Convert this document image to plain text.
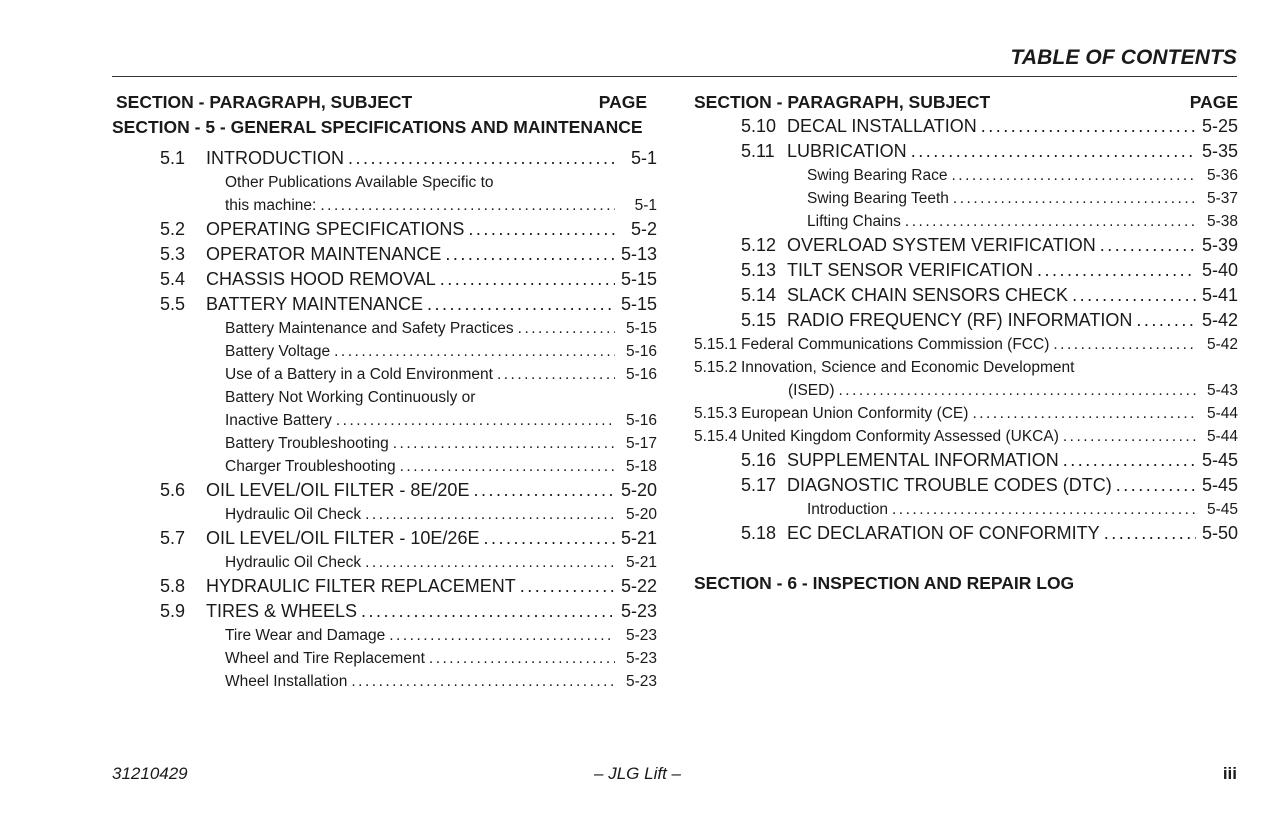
TABLE OF CONTENTS
SECTION - PARAGRAPH, SUBJECT	PAGE
SECTION - 5 - GENERAL SPECIFICATIONS AND MAINTENANCE
5.1	INTRODUCTION .....	5-1
Other Publications Available Specific to
this machine: .....	5-1
5.2	OPERATING SPECIFICATIONS .....	5-2
5.3	OPERATOR MAINTENANCE .....	5-13
5.4	CHASSIS HOOD REMOVAL .....	5-15
5.5	BATTERY MAINTENANCE .....	5-15
Battery Maintenance and Safety Practices .....	5-15
Battery Voltage .....	5-16
Use of a Battery in a Cold Environment .....	5-16
Battery Not Working Continuously or
Inactive Battery .....	5-16
Battery Troubleshooting .....	5-17
Charger Troubleshooting .....	5-18
5.6	OIL LEVEL/OIL FILTER - 8E/20E .....	5-20
Hydraulic Oil Check .....	5-20
5.7	OIL LEVEL/OIL FILTER - 10E/26E .....	5-21
Hydraulic Oil Check .....	5-21
5.8	HYDRAULIC FILTER REPLACEMENT .....	5-22
5.9	TIRES & WHEELS .....	5-23
Tire Wear and Damage .....	5-23
Wheel and Tire Replacement .....	5-23
Wheel Installation .....	5-23
SECTION - PARAGRAPH, SUBJECT	PAGE
5.10 DECAL INSTALLATION .....	5-25
5.11 LUBRICATION .....	5-35
Swing Bearing Race .....	5-36
Swing Bearing Teeth .....	5-37
Lifting Chains .....	5-38
5.12 OVERLOAD SYSTEM VERIFICATION .....	5-39
5.13 TILT SENSOR VERIFICATION .....	5-40
5.14 SLACK CHAIN SENSORS CHECK .....	5-41
5.15 RADIO FREQUENCY (RF) INFORMATION .....	5-42
5.15.1 Federal Communications Commission (FCC) .....	5-42
5.15.2 Innovation, Science and Economic Development
(ISED) .....	5-43
5.15.3 European Union Conformity (CE) .....	5-44
5.15.4 United Kingdom Conformity Assessed (UKCA) .....	5-44
5.16 SUPPLEMENTAL INFORMATION .....	5-45
5.17 DIAGNOSTIC TROUBLE CODES (DTC) .....	5-45
Introduction .....	5-45
5.18 EC DECLARATION OF CONFORMITY .....	5-50
SECTION - 6 - INSPECTION AND REPAIR LOG
31210429	– JLG Lift –	iii
